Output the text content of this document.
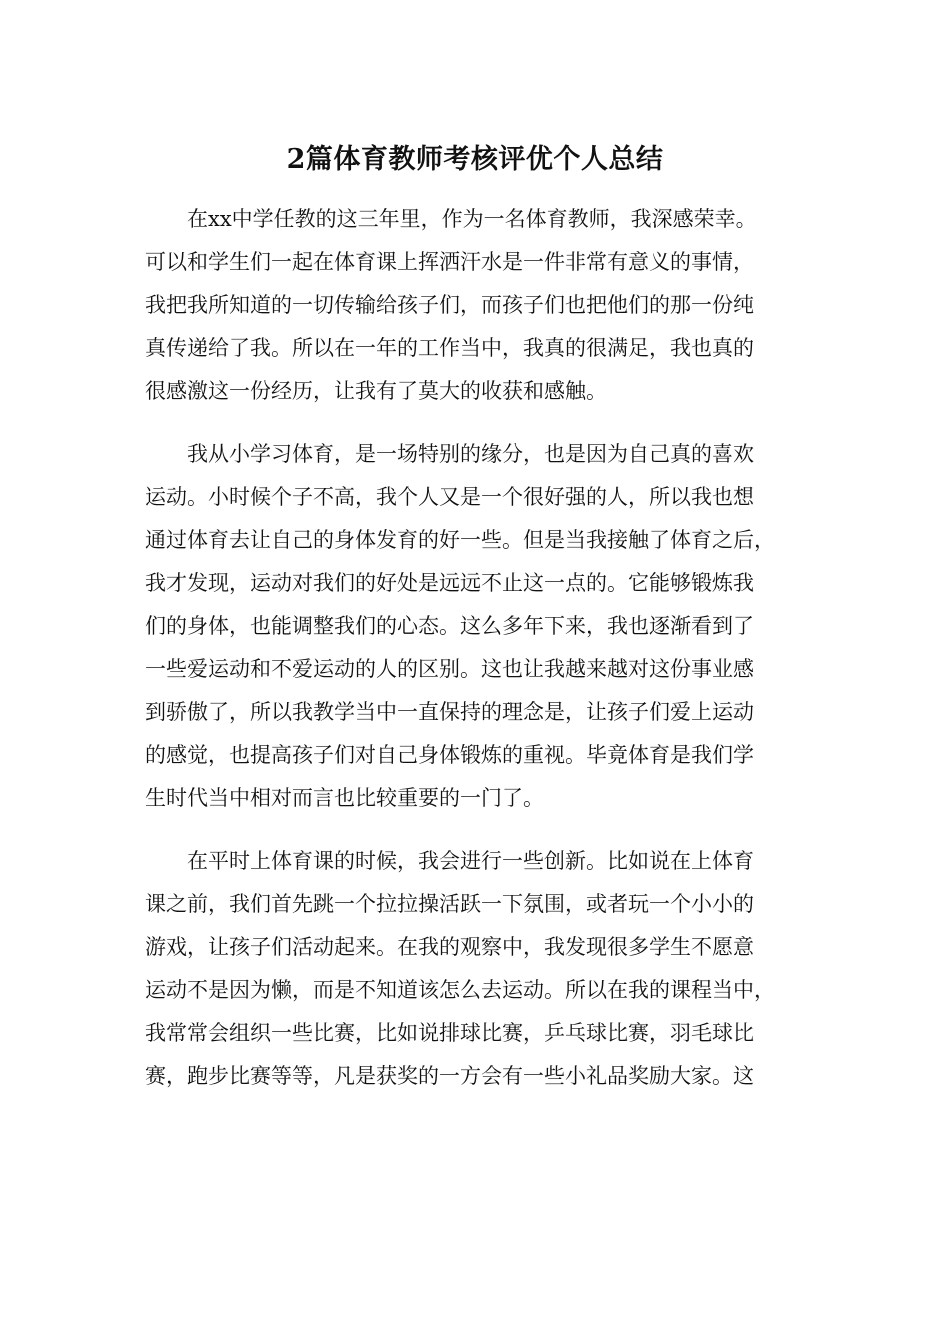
2篇体育教师考核评优个人总结
　　在xx中学任教的这三年里，作为一名体育教师，我深感荣幸。
可以和学生们一起在体育课上挥洒汗水是一件非常有意义的事情，
我把我所知道的一切传输给孩子们，而孩子们也把他们的那一份纯
真传递给了我。所以在一年的工作当中，我真的很满足，我也真的
很感激这一份经历，让我有了莫大的收获和感触。
　　我从小学习体育，是一场特别的缘分，也是因为自己真的喜欢
运动。小时候个子不高，我个人又是一个很好强的人，所以我也想
通过体育去让自己的身体发育的好一些。但是当我接触了体育之后，
我才发现，运动对我们的好处是远远不止这一点的。它能够锻炼我
们的身体，也能调整我们的心态。这么多年下来，我也逐渐看到了
一些爱运动和不爱运动的人的区别。这也让我越来越对这份事业感
到骄傲了，所以我教学当中一直保持的理念是，让孩子们爱上运动
的感觉，也提高孩子们对自己身体锻炼的重视。毕竟体育是我们学
生时代当中相对而言也比较重要的一门了。
　　在平时上体育课的时候，我会进行一些创新。比如说在上体育
课之前，我们首先跳一个拉拉操活跃一下氛围，或者玩一个小小的
游戏，让孩子们活动起来。在我的观察中，我发现很多学生不愿意
运动不是因为懒，而是不知道该怎么去运动。所以在我的课程当中，
我常常会组织一些比赛，比如说排球比赛，乒乓球比赛，羽毛球比
赛，跑步比赛等等，凡是获奖的一方会有一些小礼品奖励大家。这
